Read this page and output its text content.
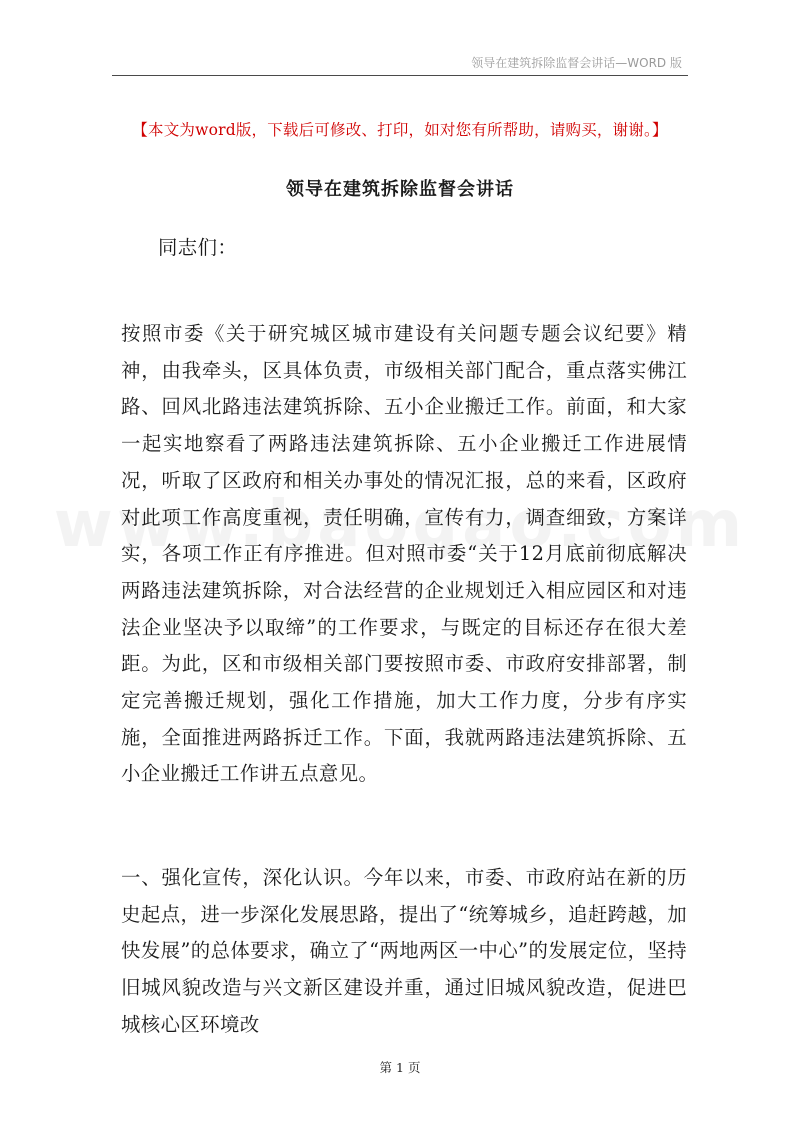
领导在建筑拆除监督会讲话—WORD 版
【本文为word版，下载后可修改、打印，如对您有所帮助，请购买，谢谢。】
领导在建筑拆除监督会讲话

同志们：

按照市委《关于研究城区城市建设有关问题专题会议纪要》精神，由我牵头，区具体负责，市级相关部门配合，重点落实佛江路、回风北路违法建筑拆除、五小企业搬迁工作。前面，和大家一起实地察看了两路违法建筑拆除、五小企业搬迁工作进展情况，听取了区政府和相关办事处的情况汇报，总的来看，区政府对此项工作高度重视，责任明确，宣传有力，调查细致，方案详实，各项工作正有序推进。但对照市委“关于12月底前彻底解决两路违法建筑拆除，对合法经营的企业规划迁入相应园区和对违法企业坚决予以取缔”的工作要求，与既定的目标还存在很大差距。为此，区和市级相关部门要按照市委、市政府安排部署，制定完善搬迁规划，强化工作措施，加大工作力度，分步有序实施，全面推进两路拆迁工作。下面，我就两路违法建筑拆除、五小企业搬迁工作讲五点意见。

一、强化宣传，深化认识。今年以来，市委、市政府站在新的历史起点，进一步深化发展思路，提出了“统筹城乡，追赶跨越，加快发展”的总体要求，确立了“两地两区一中心”的发展定位，坚持旧城风貌改造与兴文新区建设并重，通过旧城风貌改造，促进巴城核心区环境改

第 1 页
